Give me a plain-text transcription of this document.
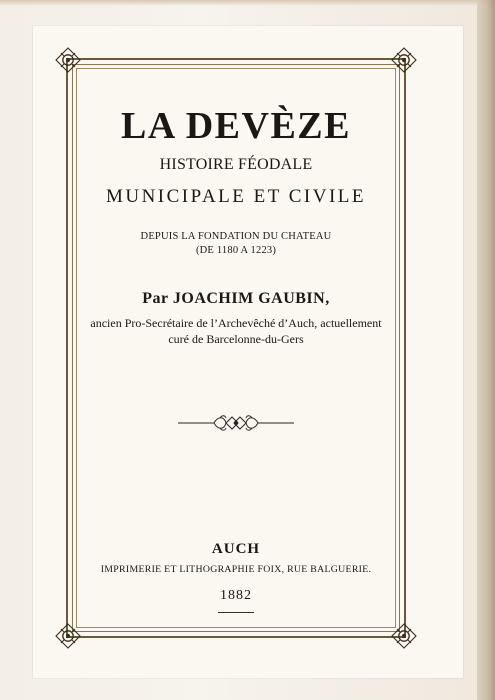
LA DEVÈZE
HISTOIRE FÉODALE
MUNICIPALE ET CIVILE
DEPUIS LA FONDATION DU CHATEAU
(DE 1180 A 1223)
Par JOACHIM GAUBIN,
ancien Pro-Secrétaire de l’Archevêché d’Auch, actuellement curé de Barcelonne-du-Gers
AUCH
IMPRIMERIE ET LITHOGRAPHIE FOIX, RUE BALGUERIE.
1882
